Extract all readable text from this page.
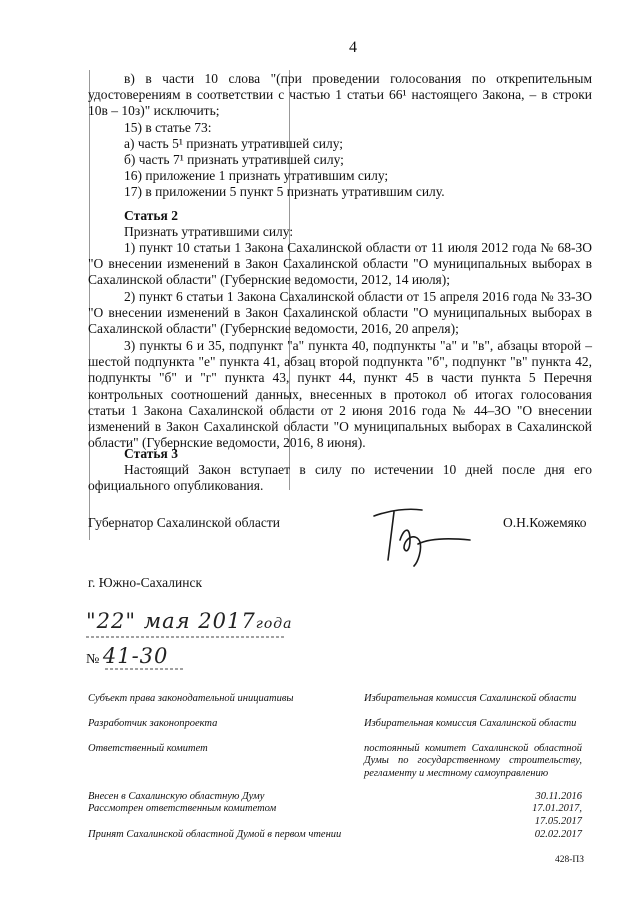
4

в) в части 10 слова "(при проведении голосования по открепительным удостоверениям в соответствии с частью 1 статьи 66¹ настоящего Закона, – в строки 10в – 10з)" исключить;

15) в статье 73:
а) часть 5¹ признать утратившей силу;
б) часть 7¹ признать утратившей силу;
16) приложение 1 признать утратившим силу;
17) в приложении 5 пункт 5 признать утратившим силу.
Статья 2
Признать утратившими силу:

1) пункт 10 статьи 1 Закона Сахалинской области от 11 июля 2012 года № 68-ЗО "О внесении изменений в Закон Сахалинской области "О муниципальных выборах в Сахалинской области" (Губернские ведомости, 2012, 14 июля);

2) пункт 6 статьи 1 Закона Сахалинской области от 15 апреля 2016 года № 33-ЗО "О внесении изменений в Закон Сахалинской области "О муниципальных выборах в Сахалинской области" (Губернские ведомости, 2016, 20 апреля);

3) пункты 6 и 35, подпункт "а" пункта 40, подпункты "а" и "в", абзацы второй – шестой подпункта "е" пункта 41, абзац второй подпункта "б", подпункт "в" пункта 42, подпункты "б" и "г" пункта 43, пункт 44, пункт 45 в части пункта 5 Перечня контрольных соотношений данных, внесенных в протокол об итогах голосования статьи 1 Закона Сахалинской области от 2 июня 2016 года № 44–ЗО "О внесении изменений в Закон Сахалинской области "О муниципальных выборах в Сахалинской области" (Губернские ведомости, 2016, 8 июня).

Статья 3

Настоящий Закон вступает в силу по истечении 10 дней после дня его официального опубликования.

Губернатор Сахалинской области	О.Н.Кожемяко
г. Южно-Сахалинск
"22" мая 2017года
№ 41-30
Субъект права законодательной инициативы	Избирательная комиссия Сахалинской области
Разработчик законопроекта	Избирательная комиссия Сахалинской области
Ответственный комитет	постоянный комитет Сахалинской областной Думы по государственному строительству, регламенту и местному самоуправлению
Внесен в Сахалинскую областную Думу	30.11.2016
Рассмотрен ответственным комитетом	17.01.2017,
17.05.2017
Принят Сахалинской областной Думой в первом чтении	02.02.2017
428-ПЗ
